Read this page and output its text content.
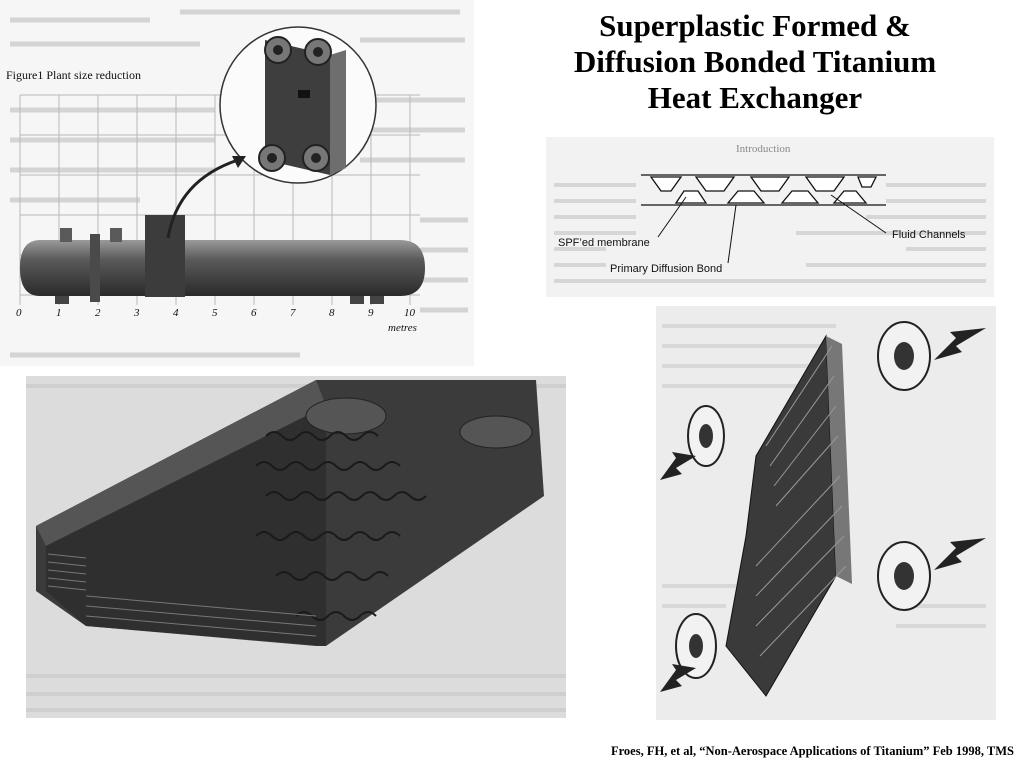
Superplastic Formed &
Diffusion Bonded Titanium
Heat Exchanger
Figure1 Plant size reduction
0	1	2	3	4	5	6	7	8	9	10
metres
Introduction
SPF’ed membrane
Fluid Channels
Primary Diffusion Bond
Froes, FH, et al, “Non-Aerospace Applications of Titanium” Feb 1998, TMS
